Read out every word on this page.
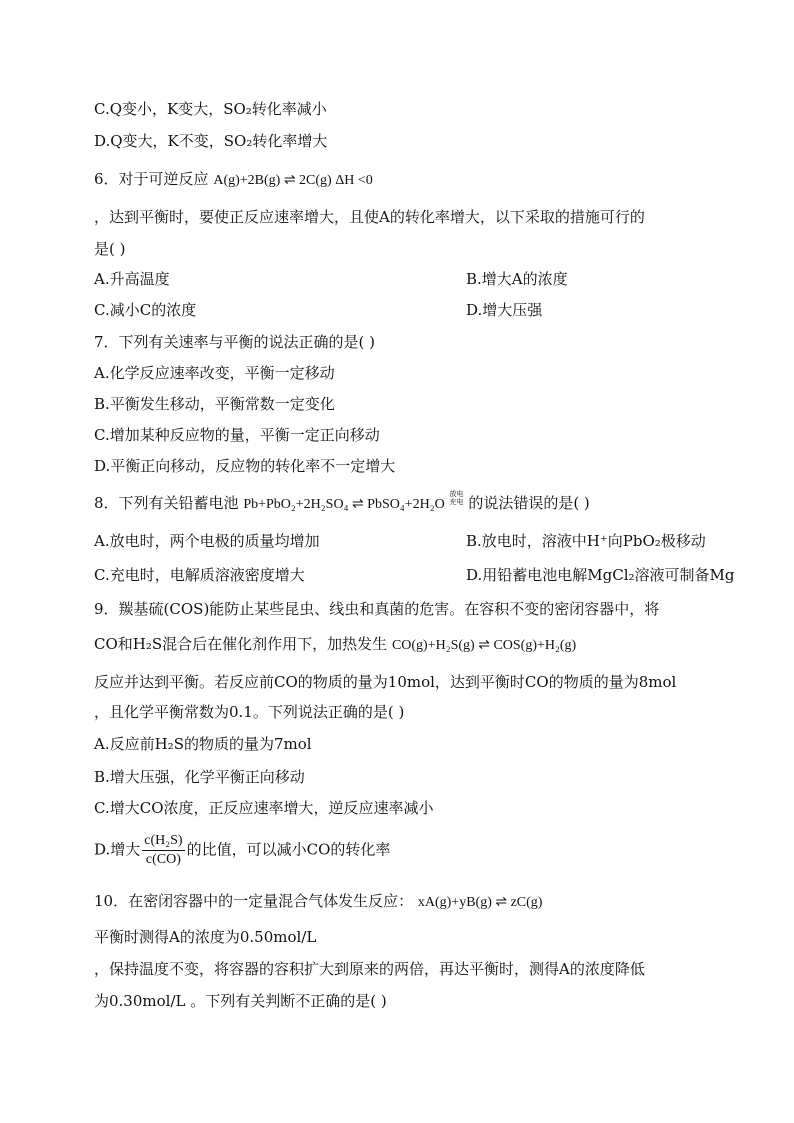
C.Q变小，K变大，SO₂转化率减小
D.Q变大，K不变，SO₂转化率增大
6．对于可逆反应 A(g)+2B(g) ⇌ 2C(g) ΔH <0
，达到平衡时，要使正反应速率增大，且使A的转化率增大，以下采取的措施可行的
是( )
A.升高温度	B.增大A的浓度
C.减小C的浓度	D.增大压强
7．下列有关速率与平衡的说法正确的是( )
A.化学反应速率改变，平衡一定移动
B.平衡发生移动，平衡常数一定变化
C.增加某种反应物的量，平衡一定正向移动
D.平衡正向移动，反应物的转化率不一定增大
8．下列有关铅蓄电池 Pb+PbO₂+2H₂SO₄ ⇌ PbSO₄+2H₂O 放电
充电 的说法错误的是( )
A.放电时，两个电极的质量均增加	B.放电时，溶液中H⁺向PbO₂极移动
C.充电时，电解质溶液密度增大	D.用铅蓄电池电解MgCl₂溶液可制备Mg
9．羰基硫(COS)能防止某些昆虫、线虫和真菌的危害。在容积不变的密闭容器中，将
CO和H₂S混合后在催化剂作用下，加热发生 CO(g)+H₂S(g) ⇌ COS(g)+H₂(g)
反应并达到平衡。若反应前CO的物质的量为10mol，达到平衡时CO的物质的量为8mol
，且化学平衡常数为0.1。下列说法正确的是( )
A.反应前H₂S的物质的量为7mol
B.增大压强，化学平衡正向移动
C.增大CO浓度，正反应速率增大，逆反应速率减小
D.增大 $\frac{\text{c(H₂S)}}{c(CO)}$ 的比值，可以减小CO的转化率
10．在密闭容器中的一定量混合气体发生反应： xA(g)+yB(g) ⇌ zC(g)
平衡时测得A的浓度为0.50mol/L
，保持温度不变，将容器的容积扩大到原来的两倍，再达平衡时，测得A的浓度降低
为0.30mol/L 。下列有关判断不正确的是( )
